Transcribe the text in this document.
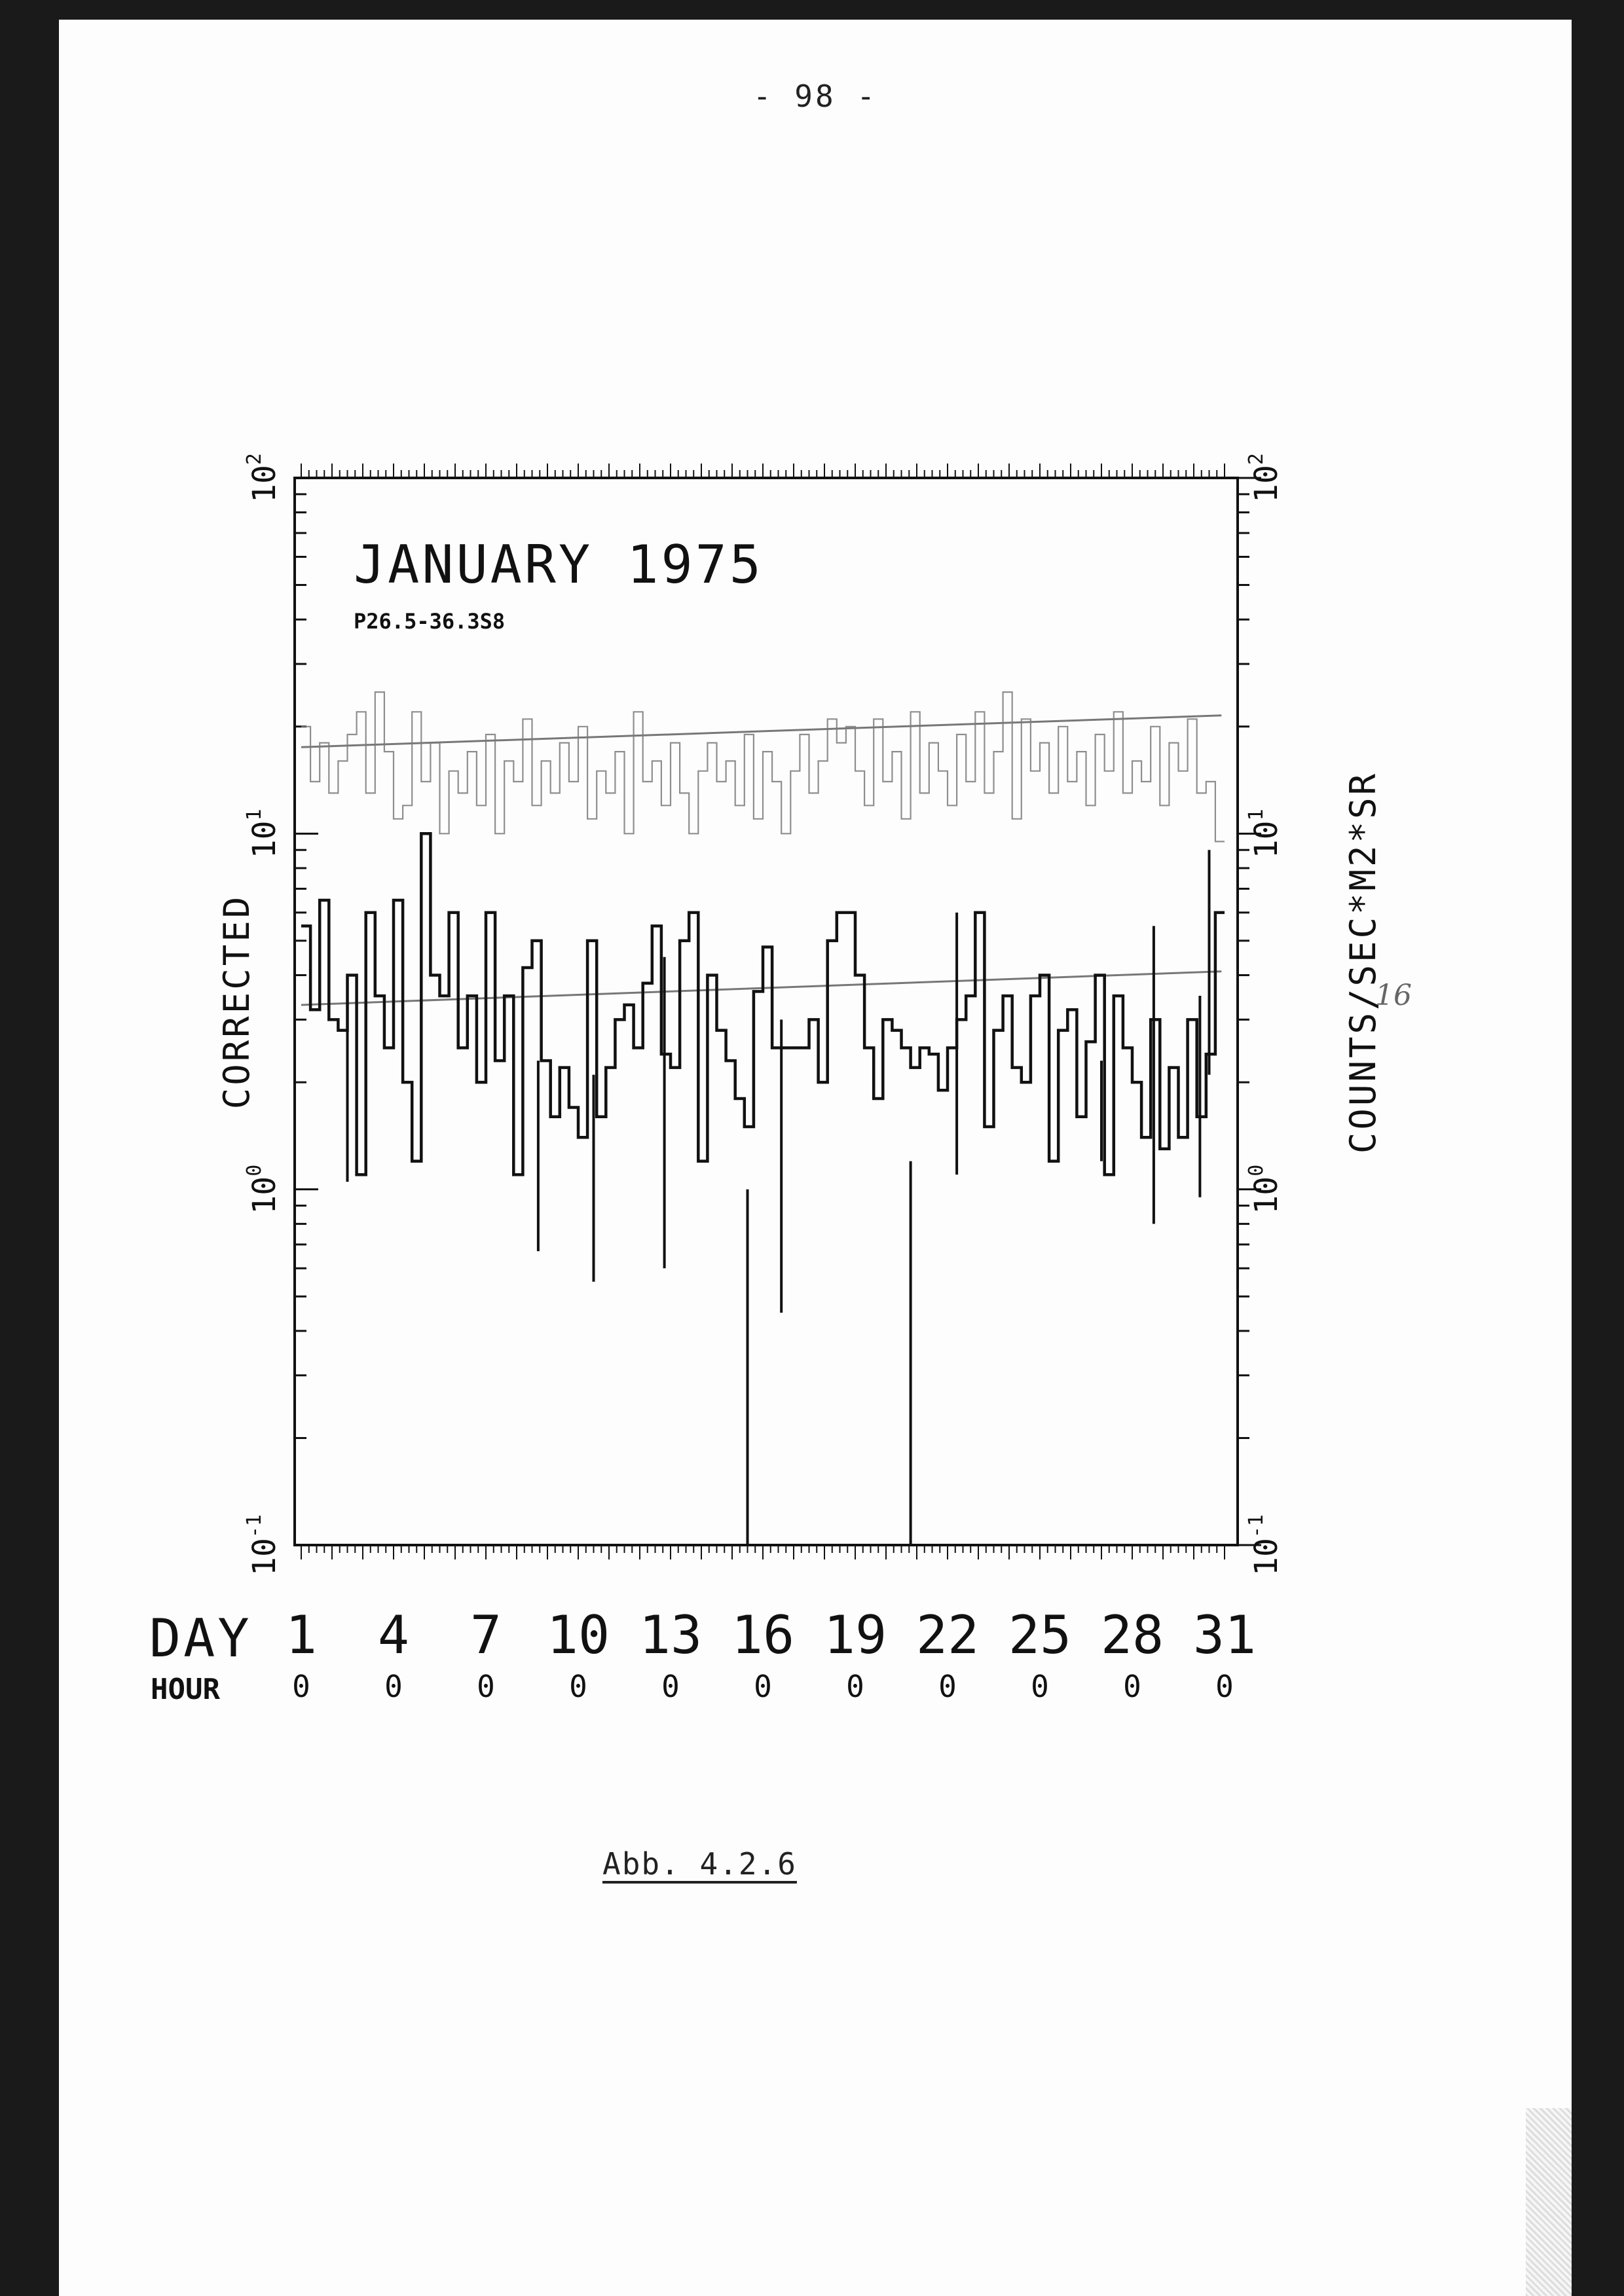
- 98 -
JANUARY 1975
P26.5-36.3S8
CORRECTED	COUNTS/SEC*M2*SR
DAY
HOUR
$10^{-1}$
$10^{-1}$
$10^0$
$10^0$
$10^1$
$10^1$
$10^2$
$10^2$
1
0
4
0
7
0
10
0
13
0
16
0
19
0
22
0
25
0
28
0
31
0
Abb. 4.2.6
16
